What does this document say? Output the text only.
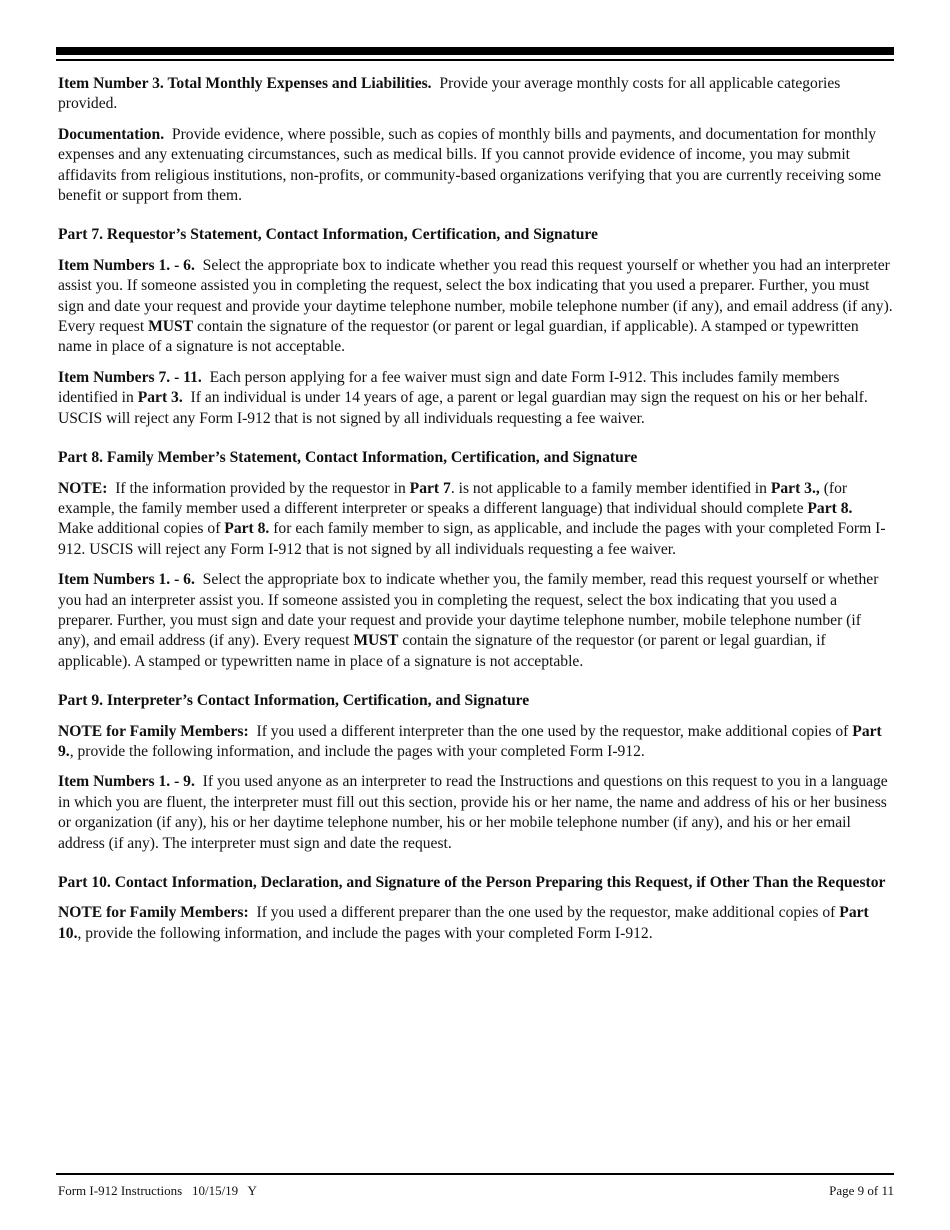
Item Number 3. Total Monthly Expenses and Liabilities. Provide your average monthly costs for all applicable categories provided.

Documentation. Provide evidence, where possible, such as copies of monthly bills and payments, and documentation for monthly expenses and any extenuating circumstances, such as medical bills. If you cannot provide evidence of income, you may submit affidavits from religious institutions, non-profits, or community-based organizations verifying that you are currently receiving some benefit or support from them.

Part 7. Requestor’s Statement, Contact Information, Certification, and Signature

Item Numbers 1. - 6. Select the appropriate box to indicate whether you read this request yourself or whether you had an interpreter assist you. If someone assisted you in completing the request, select the box indicating that you used a preparer. Further, you must sign and date your request and provide your daytime telephone number, mobile telephone number (if any), and email address (if any). Every request MUST contain the signature of the requestor (or parent or legal guardian, if applicable). A stamped or typewritten name in place of a signature is not acceptable.

Item Numbers 7. - 11. Each person applying for a fee waiver must sign and date Form I-912. This includes family members identified in Part 3. If an individual is under 14 years of age, a parent or legal guardian may sign the request on his or her behalf. USCIS will reject any Form I-912 that is not signed by all individuals requesting a fee waiver.

Part 8. Family Member’s Statement, Contact Information, Certification, and Signature

NOTE: If the information provided by the requestor in Part 7. is not applicable to a family member identified in Part 3., (for example, the family member used a different interpreter or speaks a different language) that individual should complete Part 8.  Make additional copies of Part 8. for each family member to sign, as applicable, and include the pages with your completed Form I-912. USCIS will reject any Form I-912 that is not signed by all individuals requesting a fee waiver.

Item Numbers 1. - 6. Select the appropriate box to indicate whether you, the family member, read this request yourself or whether you had an interpreter assist you. If someone assisted you in completing the request, select the box indicating that you used a preparer. Further, you must sign and date your request and provide your daytime telephone number, mobile telephone number (if any), and email address (if any). Every request MUST contain the signature of the requestor (or parent or legal guardian, if applicable). A stamped or typewritten name in place of a signature is not acceptable.

Part 9. Interpreter’s Contact Information, Certification, and Signature

NOTE for Family Members: If you used a different interpreter than the one used by the requestor, make additional copies of Part 9., provide the following information, and include the pages with your completed Form I-912.

Item Numbers 1. - 9. If you used anyone as an interpreter to read the Instructions and questions on this request to you in a language in which you are fluent, the interpreter must fill out this section, provide his or her name, the name and address of his or her business or organization (if any), his or her daytime telephone number, his or her mobile telephone number (if any), and his or her email address (if any). The interpreter must sign and date the request.

Part 10. Contact Information, Declaration, and Signature of the Person Preparing this Request, if Other Than the Requestor

NOTE for Family Members: If you used a different preparer than the one used by the requestor, make additional copies of Part 10., provide the following information, and include the pages with your completed Form I-912.

Form I-912 Instructions   10/15/19   Y	Page 9 of 11
